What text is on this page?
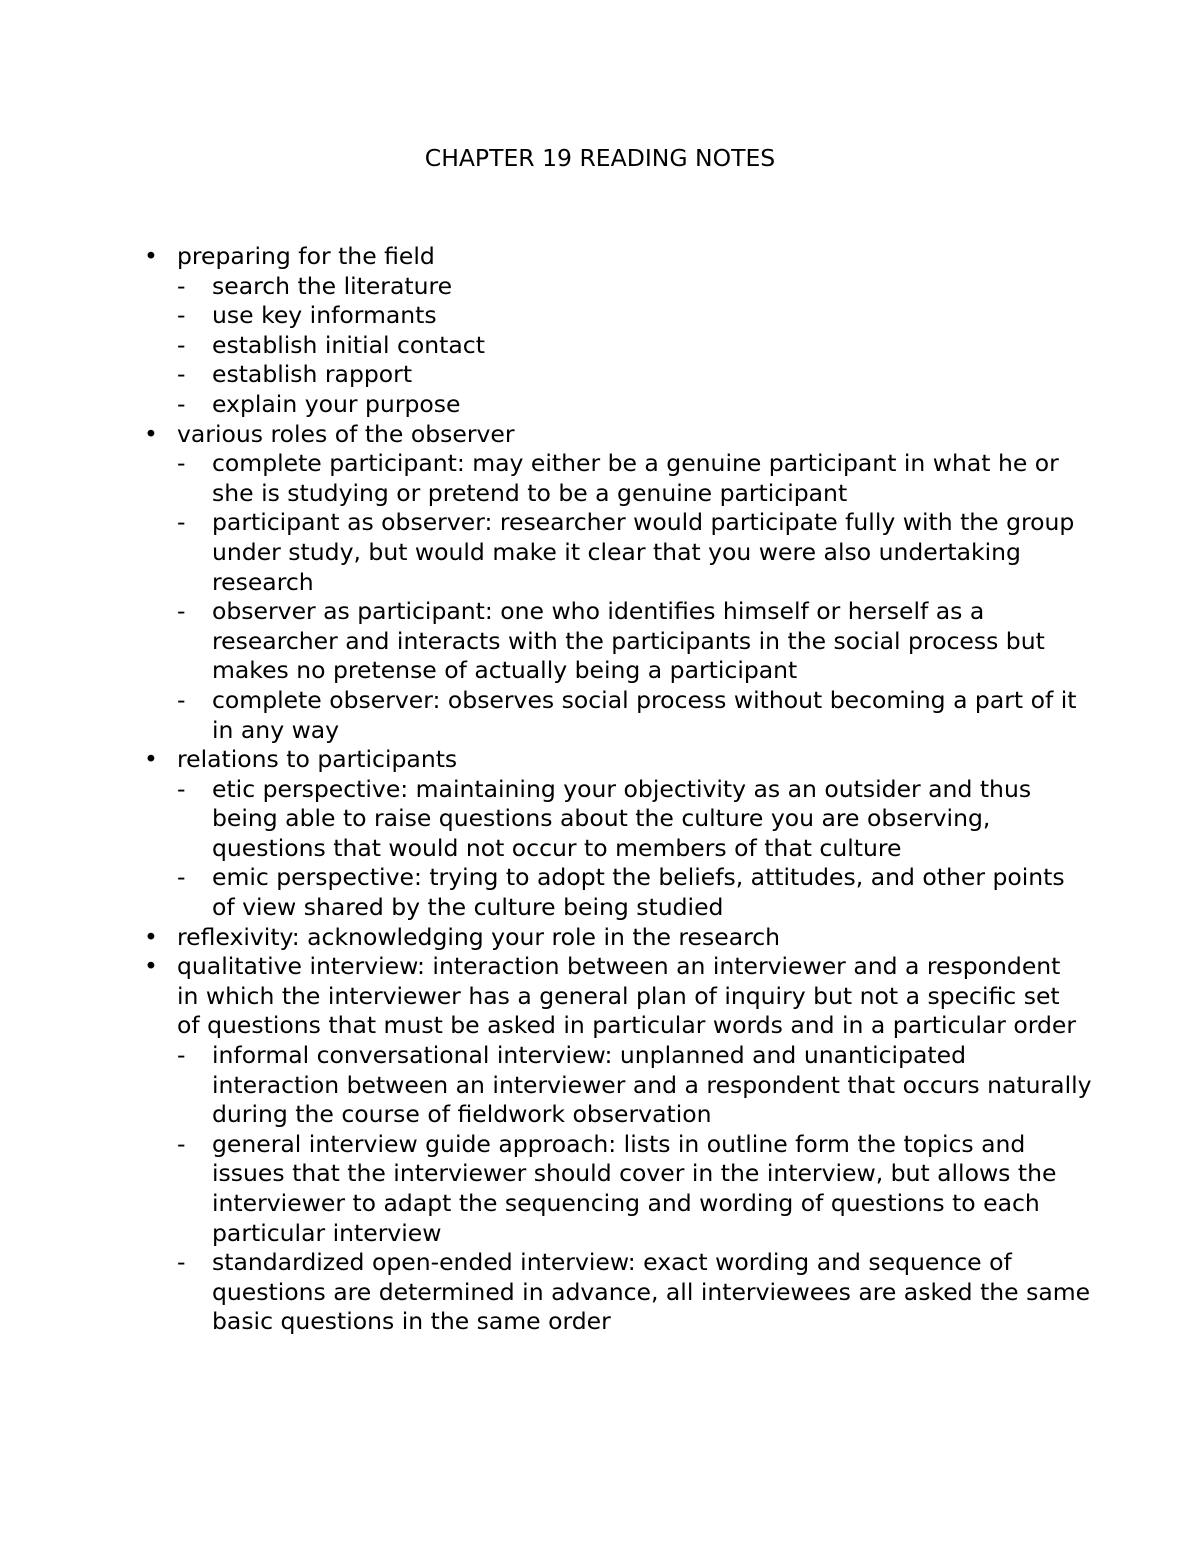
CHAPTER 19 READING NOTES
• preparing for the field
-	search the literature
-	use key informants
-	establish initial contact
-	establish rapport
-	explain your purpose
• various roles of the observer
-	complete participant: may either be a genuine participant in what he or she is studying or pretend to be a genuine participant
-	participant as observer: researcher would participate fully with the group under study, but would make it clear that you were also undertaking research
-	observer as participant: one who identifies himself or herself as a researcher and interacts with the participants in the social process but makes no pretense of actually being a participant
-	complete observer: observes social process without becoming a part of it in any way
• relations to participants
-	etic perspective: maintaining your objectivity as an outsider and thus being able to raise questions about the culture you are observing, questions that would not occur to members of that culture
-	emic perspective: trying to adopt the beliefs, attitudes, and other points of view shared by the culture being studied
• reflexivity: acknowledging your role in the research
• qualitative interview: interaction between an interviewer and a respondent in which the interviewer has a general plan of inquiry but not a specific set of questions that must be asked in particular words and in a particular order
-	informal conversational interview: unplanned and unanticipated interaction between an interviewer and a respondent that occurs naturally during the course of fieldwork observation
-	general interview guide approach: lists in outline form the topics and issues that the interviewer should cover in the interview, but allows the interviewer to adapt the sequencing and wording of questions to each particular interview
-	standardized open-ended interview: exact wording and sequence of questions are determined in advance, all interviewees are asked the same basic questions in the same order
